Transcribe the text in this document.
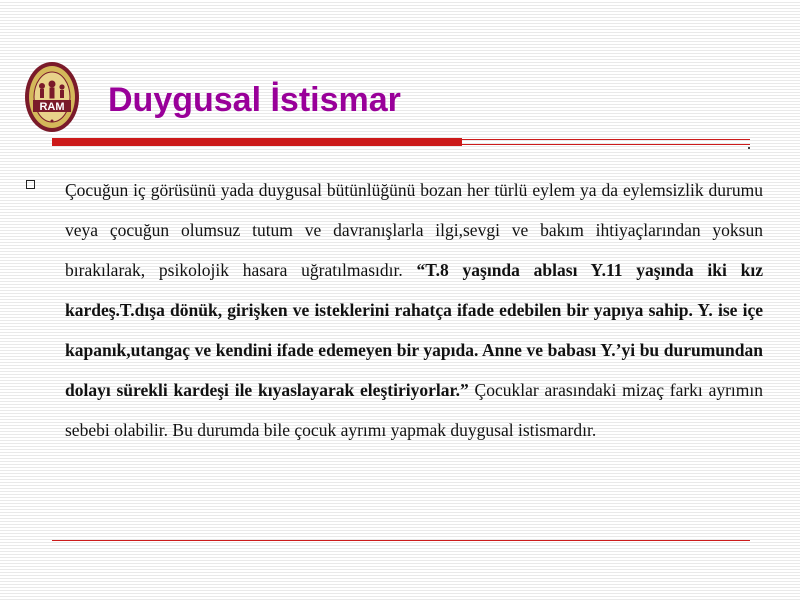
RAM Duygusal İstismar

Çocuğun iç görüsünü yada duygusal bütünlüğünü bozan her türlü eylem ya da eylemsizlik durumu veya çocuğun olumsuz tutum ve davranışlarla ilgi,sevgi ve bakım ihtiyaçlarından yoksun bırakılarak, psikolojik hasara uğratılmasıdır. “T.8 yaşında ablası Y.11 yaşında iki kız kardeş.T.dışa dönük, girişken ve isteklerini rahatça ifade edebilen bir yapıya sahip. Y. ise içe kapanık,utangaç ve kendini ifade edemeyen bir yapıda. Anne ve babası Y.’yi bu durumundan dolayı sürekli kardeşi ile kıyaslayarak eleştiriyorlar.” Çocuklar arasındaki mizaç farkı ayrımın sebebi olabilir. Bu durumda bile çocuk ayrımı yapmak duygusal istismardır.
